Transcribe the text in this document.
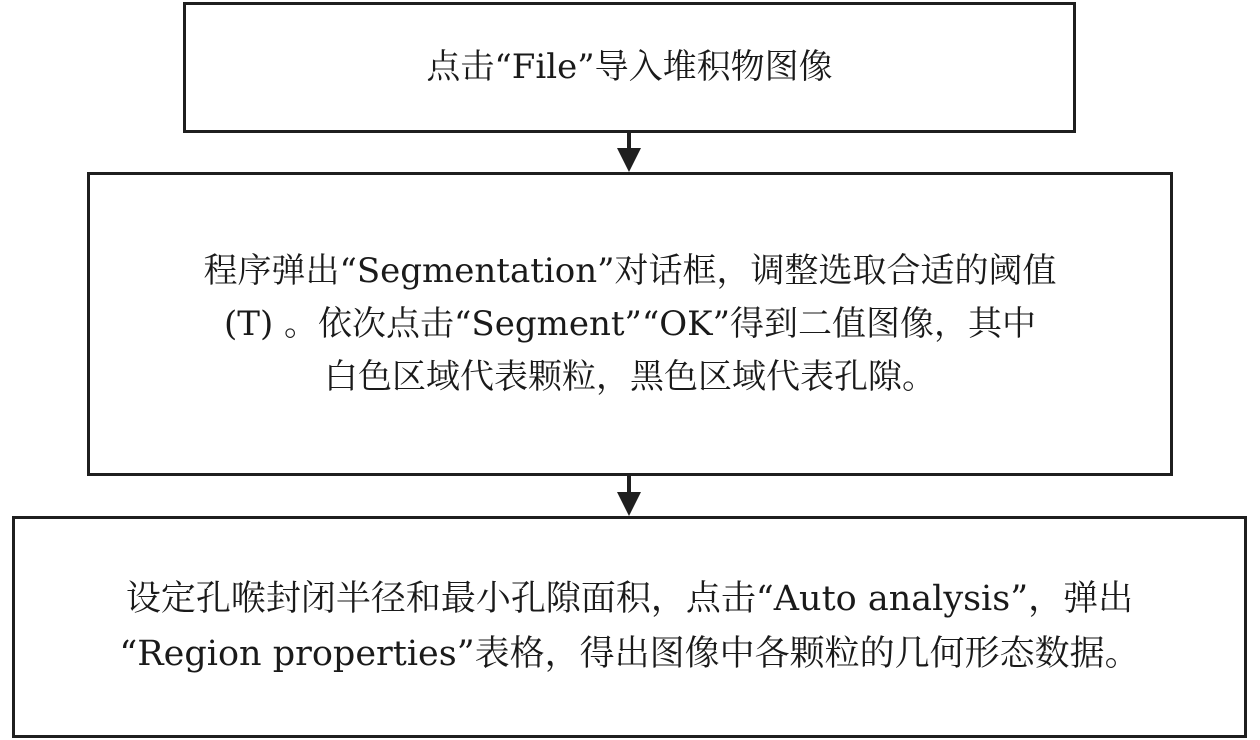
点击“File”导入堆积物图像
程序弹出“Segmentation”对话框，调整选取合适的阈值
(T) 。依次点击“Segment”“OK”得到二值图像，其中
白色区域代表颗粒，黑色区域代表孔隙。
设定孔喉封闭半径和最小孔隙面积，点击“Auto analysis”，弹出
“Region properties”表格，得出图像中各颗粒的几何形态数据。
